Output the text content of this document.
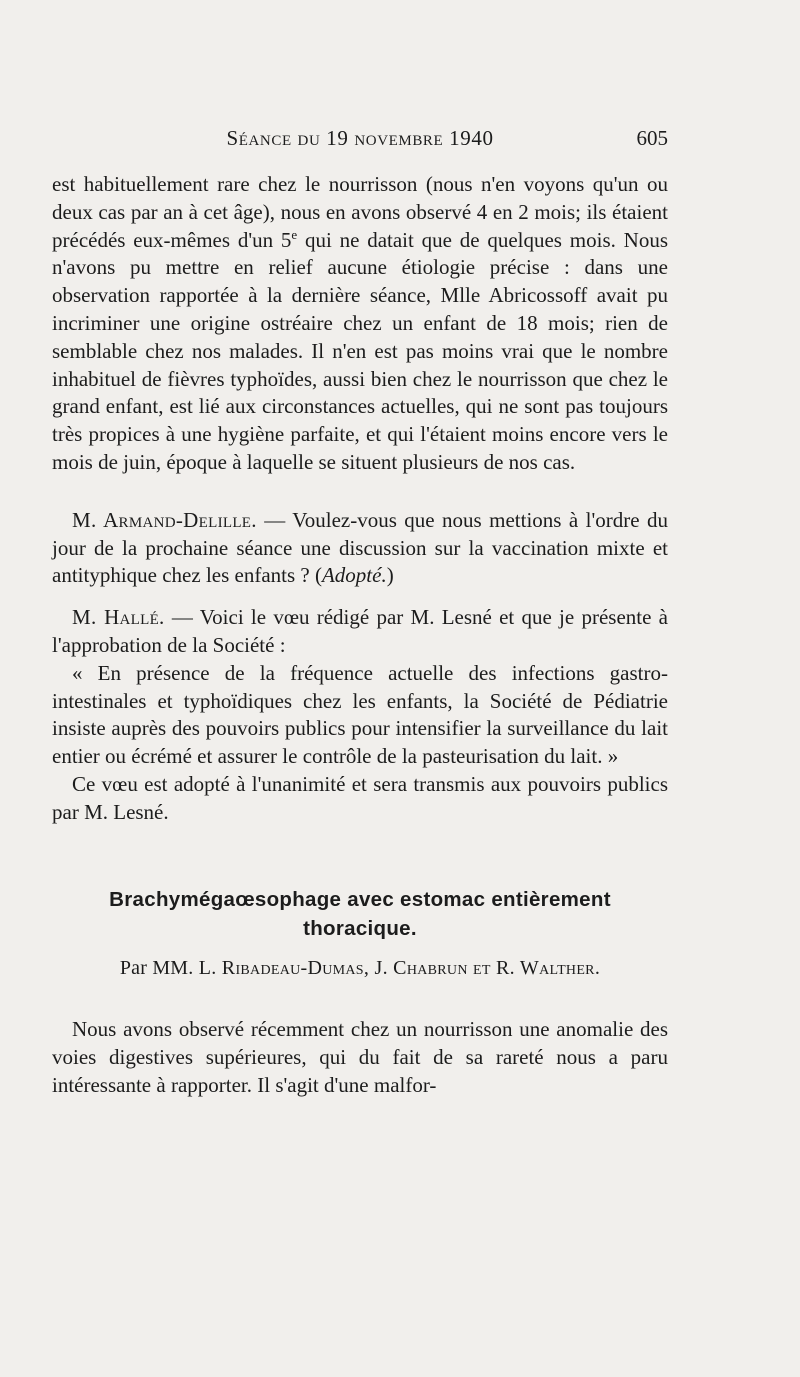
Séance du 19 novembre 1940	605

est habituellement rare chez le nourrisson (nous n'en voyons qu'un ou deux cas par an à cet âge), nous en avons observé 4 en 2 mois; ils étaient précédés eux-mêmes d'un 5e qui ne datait que de quelques mois. Nous n'avons pu mettre en relief aucune étiologie précise : dans une observation rapportée à la dernière séance, Mlle Abricossoff avait pu incriminer une origine ostréaire chez un enfant de 18 mois; rien de semblable chez nos malades. Il n'en est pas moins vrai que le nombre inhabituel de fièvres typhoïdes, aussi bien chez le nourrisson que chez le grand enfant, est lié aux circonstances actuelles, qui ne sont pas toujours très propices à une hygiène parfaite, et qui l'étaient moins encore vers le mois de juin, époque à laquelle se situent plusieurs de nos cas.

M. Armand-Delille. — Voulez-vous que nous mettions à l'ordre du jour de la prochaine séance une discussion sur la vaccination mixte et antityphique chez les enfants ? (Adopté.)

M. Hallé. — Voici le vœu rédigé par M. Lesné et que je présente à l'approbation de la Société :

« En présence de la fréquence actuelle des infections gastro-intestinales et typhoïdiques chez les enfants, la Société de Pédiatrie insiste auprès des pouvoirs publics pour intensifier la surveillance du lait entier ou écrémé et assurer le contrôle de la pasteurisation du lait. »

Ce vœu est adopté à l'unanimité et sera transmis aux pouvoirs publics par M. Lesné.

Brachymégaœsophage avec estomac entièrement
thoracique.
Par MM. L. Ribadeau-Dumas, J. Chabrun et R. Walther.

Nous avons observé récemment chez un nourrisson une anomalie des voies digestives supérieures, qui du fait de sa rareté nous a paru intéressante à rapporter. Il s'agit d'une malfor-
